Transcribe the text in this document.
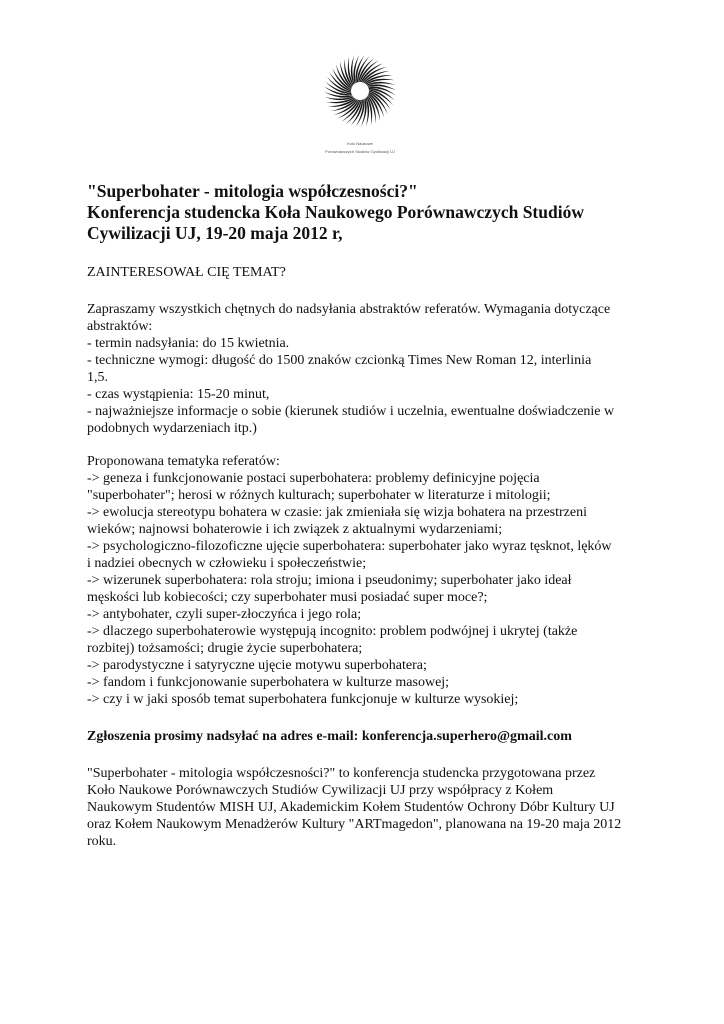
Koło Naukowe
Porównawczych Studiów Cywilizacji UJ
"Superbohater - mitologia współczesności?"
Konferencja studencka Koła Naukowego Porównawczych Studiów
Cywilizacji UJ, 19-20 maja 2012 r,

ZAINTERESOWAŁ CIĘ TEMAT?

Zapraszamy wszystkich chętnych do nadsyłania abstraktów referatów. Wymagania dotyczące

abstraktów:

- termin nadsyłania: do 15 kwietnia.

- techniczne wymogi: długość do 1500 znaków czcionką Times New Roman 12, interlinia

1,5.

- czas wystąpienia: 15-20 minut,

- najważniejsze informacje o sobie (kierunek studiów i uczelnia, ewentualne doświadczenie w

podobnych wydarzeniach itp.)

Proponowana tematyka referatów:

-> geneza i funkcjonowanie postaci superbohatera: problemy definicyjne pojęcia

"superbohater"; herosi w różnych kulturach; superbohater w literaturze i mitologii;

-> ewolucja stereotypu bohatera w czasie: jak zmieniała się wizja bohatera na przestrzeni

wieków; najnowsi bohaterowie i ich związek z aktualnymi wydarzeniami;

-> psychologiczno-filozoficzne ujęcie superbohatera: superbohater jako wyraz tęsknot, lęków

i nadziei obecnych w człowieku i społeczeństwie;

-> wizerunek superbohatera: rola stroju; imiona i pseudonimy; superbohater jako ideał

męskości lub kobiecości; czy superbohater musi posiadać super moce?;

-> antybohater, czyli super-złoczyńca i jego rola;

-> dlaczego superbohaterowie występują incognito: problem podwójnej i ukrytej (także

rozbitej) tożsamości; drugie życie superbohatera;

-> parodystyczne i satyryczne ujęcie motywu superbohatera;

-> fandom i funkcjonowanie superbohatera w kulturze masowej;

-> czy i w jaki sposób temat superbohatera funkcjonuje w kulturze wysokiej;

Zgłoszenia prosimy nadsyłać na adres e-mail: konferencja.superhero@gmail.com

"Superbohater - mitologia współczesności?" to konferencja studencka przygotowana przez

Koło Naukowe Porównawczych Studiów Cywilizacji UJ przy współpracy z Kołem

Naukowym Studentów MISH UJ, Akademickim Kołem Studentów Ochrony Dóbr Kultury UJ

oraz Kołem Naukowym Menadżerów Kultury "ARTmagedon", planowana na 19-20 maja 2012

roku.
